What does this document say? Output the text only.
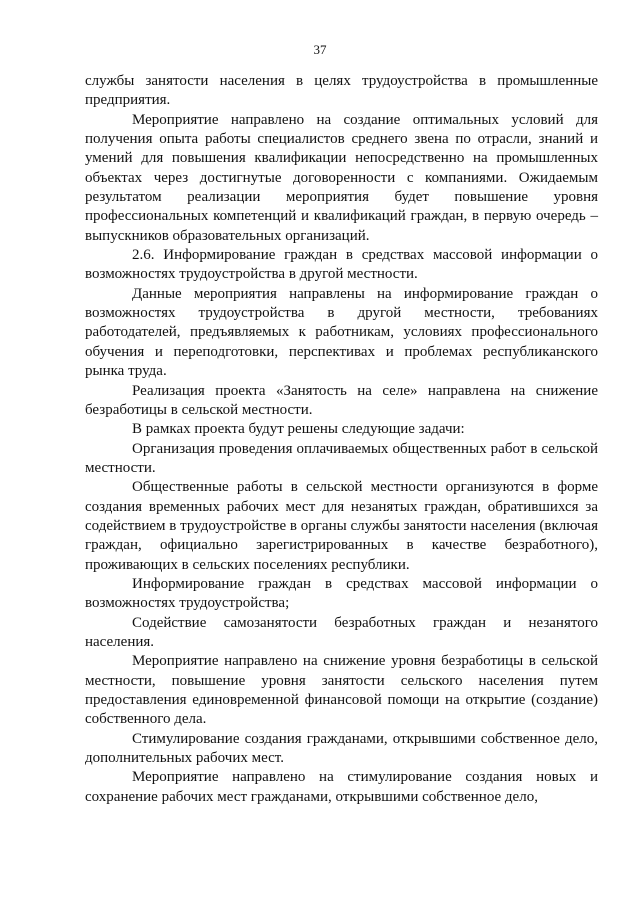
37

службы занятости населения в целях трудоустройства в промышленные предприятия.

Мероприятие направлено на создание оптимальных условий для получения опыта работы специалистов среднего звена по отрасли, знаний и умений для повышения квалификации непосредственно на промышленных объектах через достигнутые договоренности с компаниями. Ожидаемым результатом реализации мероприятия будет повышение уровня профессиональных компетенций и квалификаций граждан, в первую очередь – выпускников образовательных организаций.

2.6. Информирование граждан в средствах массовой информации о возможностях трудоустройства в другой местности.

Данные мероприятия направлены на информирование граждан о возможностях трудоустройства в другой местности, требованиях работодателей, предъявляемых к работникам, условиях профессионального обучения и переподготовки, перспективах и проблемах республиканского рынка труда.

Реализация проекта «Занятость на селе» направлена на снижение безработицы в сельской местности.

В рамках проекта будут решены следующие задачи:

Организация проведения оплачиваемых общественных работ в сельской местности.

Общественные работы в сельской местности организуются в форме создания временных рабочих мест для незанятых граждан, обратившихся за содействием в трудоустройстве в органы службы занятости населения (включая граждан, официально зарегистрированных в качестве безработного), проживающих в сельских поселениях республики.

Информирование граждан в средствах массовой информации о возможностях трудоустройства;

Содействие самозанятости безработных граждан и незанятого населения.

Мероприятие направлено на снижение уровня безработицы в сельской местности, повышение уровня занятости сельского населения путем предоставления единовременной финансовой помощи на открытие (создание) собственного дела.

Стимулирование создания гражданами, открывшими собственное дело, дополнительных рабочих мест.

Мероприятие направлено на стимулирование создания новых и сохранение рабочих мест гражданами, открывшими собственное дело,
